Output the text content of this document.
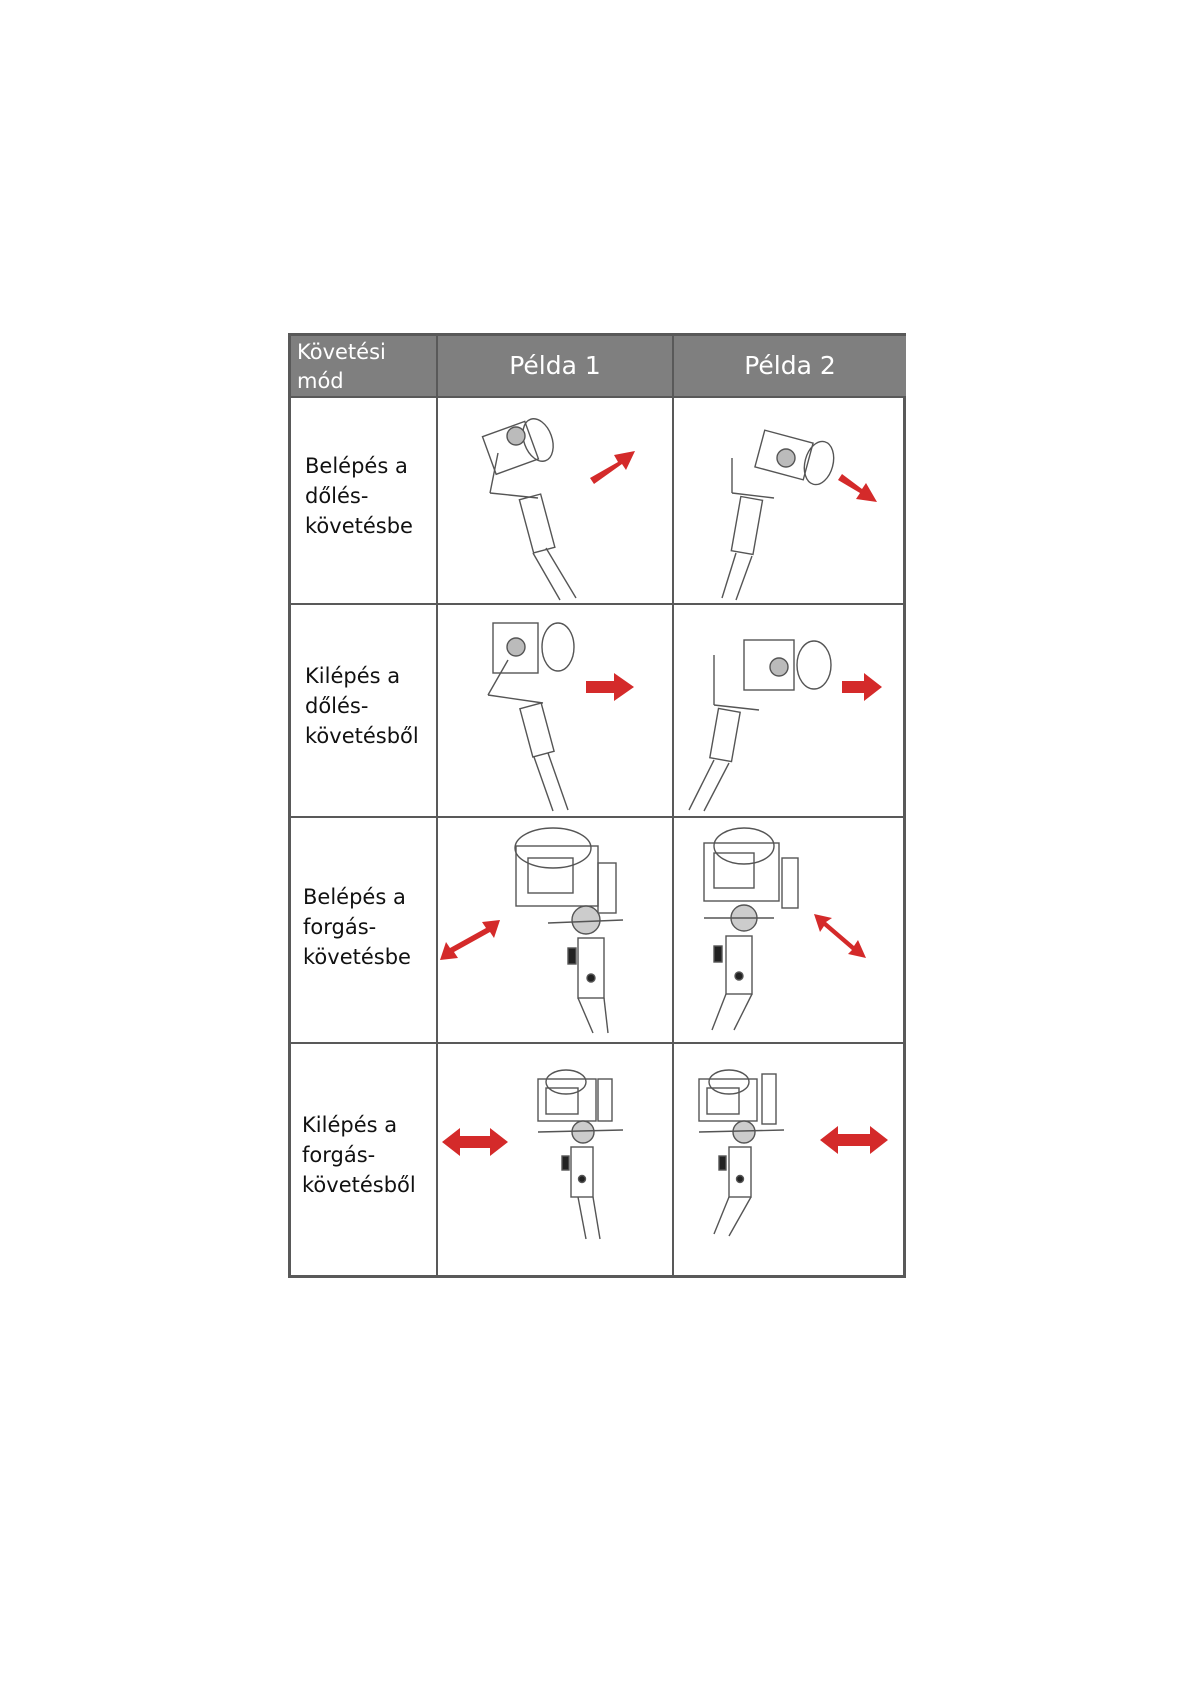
Követési mód kapcsoló
Példa 1	Példa 2
Belépés a
dőlés-
követésbe
Kilépés a
dőlés-
követésből
Belépés a
forgás-
követésbe
Kilépés a
forgás-
követésből
